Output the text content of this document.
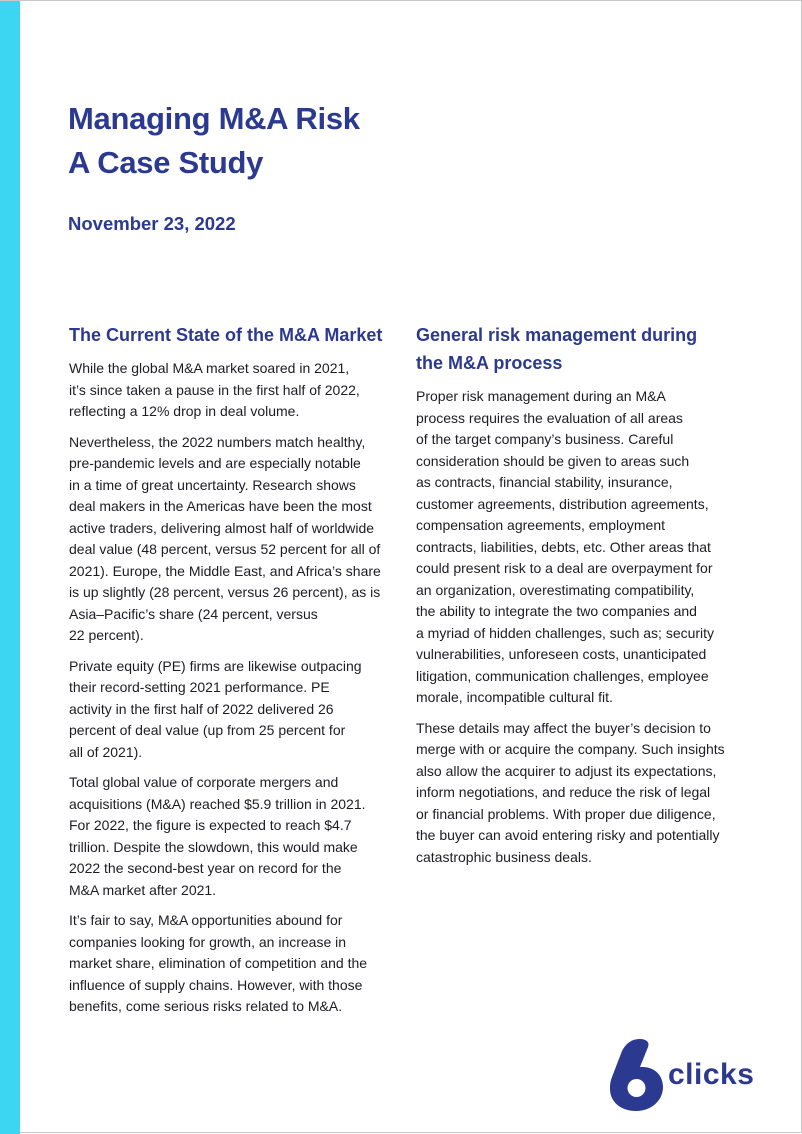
Managing M&A Risk
A Case Study
November 23, 2022
The Current State of the M&A Market

While the global M&A market soared in 2021,
it’s since taken a pause in the first half of 2022,
reflecting a 12% drop in deal volume.

Nevertheless, the 2022 numbers match healthy,
pre-pandemic levels and are especially notable
in a time of great uncertainty. Research shows
deal makers in the Americas have been the most
active traders, delivering almost half of worldwide
deal value (48 percent, versus 52 percent for all of
2021). Europe, the Middle East, and Africa’s share
is up slightly (28 percent, versus 26 percent), as is
Asia–Pacific’s share (24 percent, versus
22 percent).

Private equity (PE) firms are likewise outpacing
their record-setting 2021 performance. PE
activity in the first half of 2022 delivered 26
percent of deal value (up from 25 percent for
all of 2021).

Total global value of corporate mergers and
acquisitions (M&A) reached $5.9 trillion in 2021.
For 2022, the figure is expected to reach $4.7
trillion. Despite the slowdown, this would make
2022 the second-best year on record for the
M&A market after 2021.

It’s fair to say, M&A opportunities abound for
companies looking for growth, an increase in
market share, elimination of competition and the
influence of supply chains. However, with those
benefits, come serious risks related to M&A.

General risk management during
the M&A process

Proper risk management during an M&A
process requires the evaluation of all areas
of the target company’s business. Careful
consideration should be given to areas such
as contracts, financial stability, insurance,
customer agreements, distribution agreements,
compensation agreements, employment
contracts, liabilities, debts, etc. Other areas that
could present risk to a deal are overpayment for
an organization, overestimating compatibility,
the ability to integrate the two companies and
a myriad of hidden challenges, such as; security
vulnerabilities, unforeseen costs, unanticipated
litigation, communication challenges, employee
morale, incompatible cultural fit.

These details may affect the buyer’s decision to
merge with or acquire the company. Such insights
also allow the acquirer to adjust its expectations,
inform negotiations, and reduce the risk of legal
or financial problems. With proper due diligence,
the buyer can avoid entering risky and potentially
catastrophic business deals.

clicks
